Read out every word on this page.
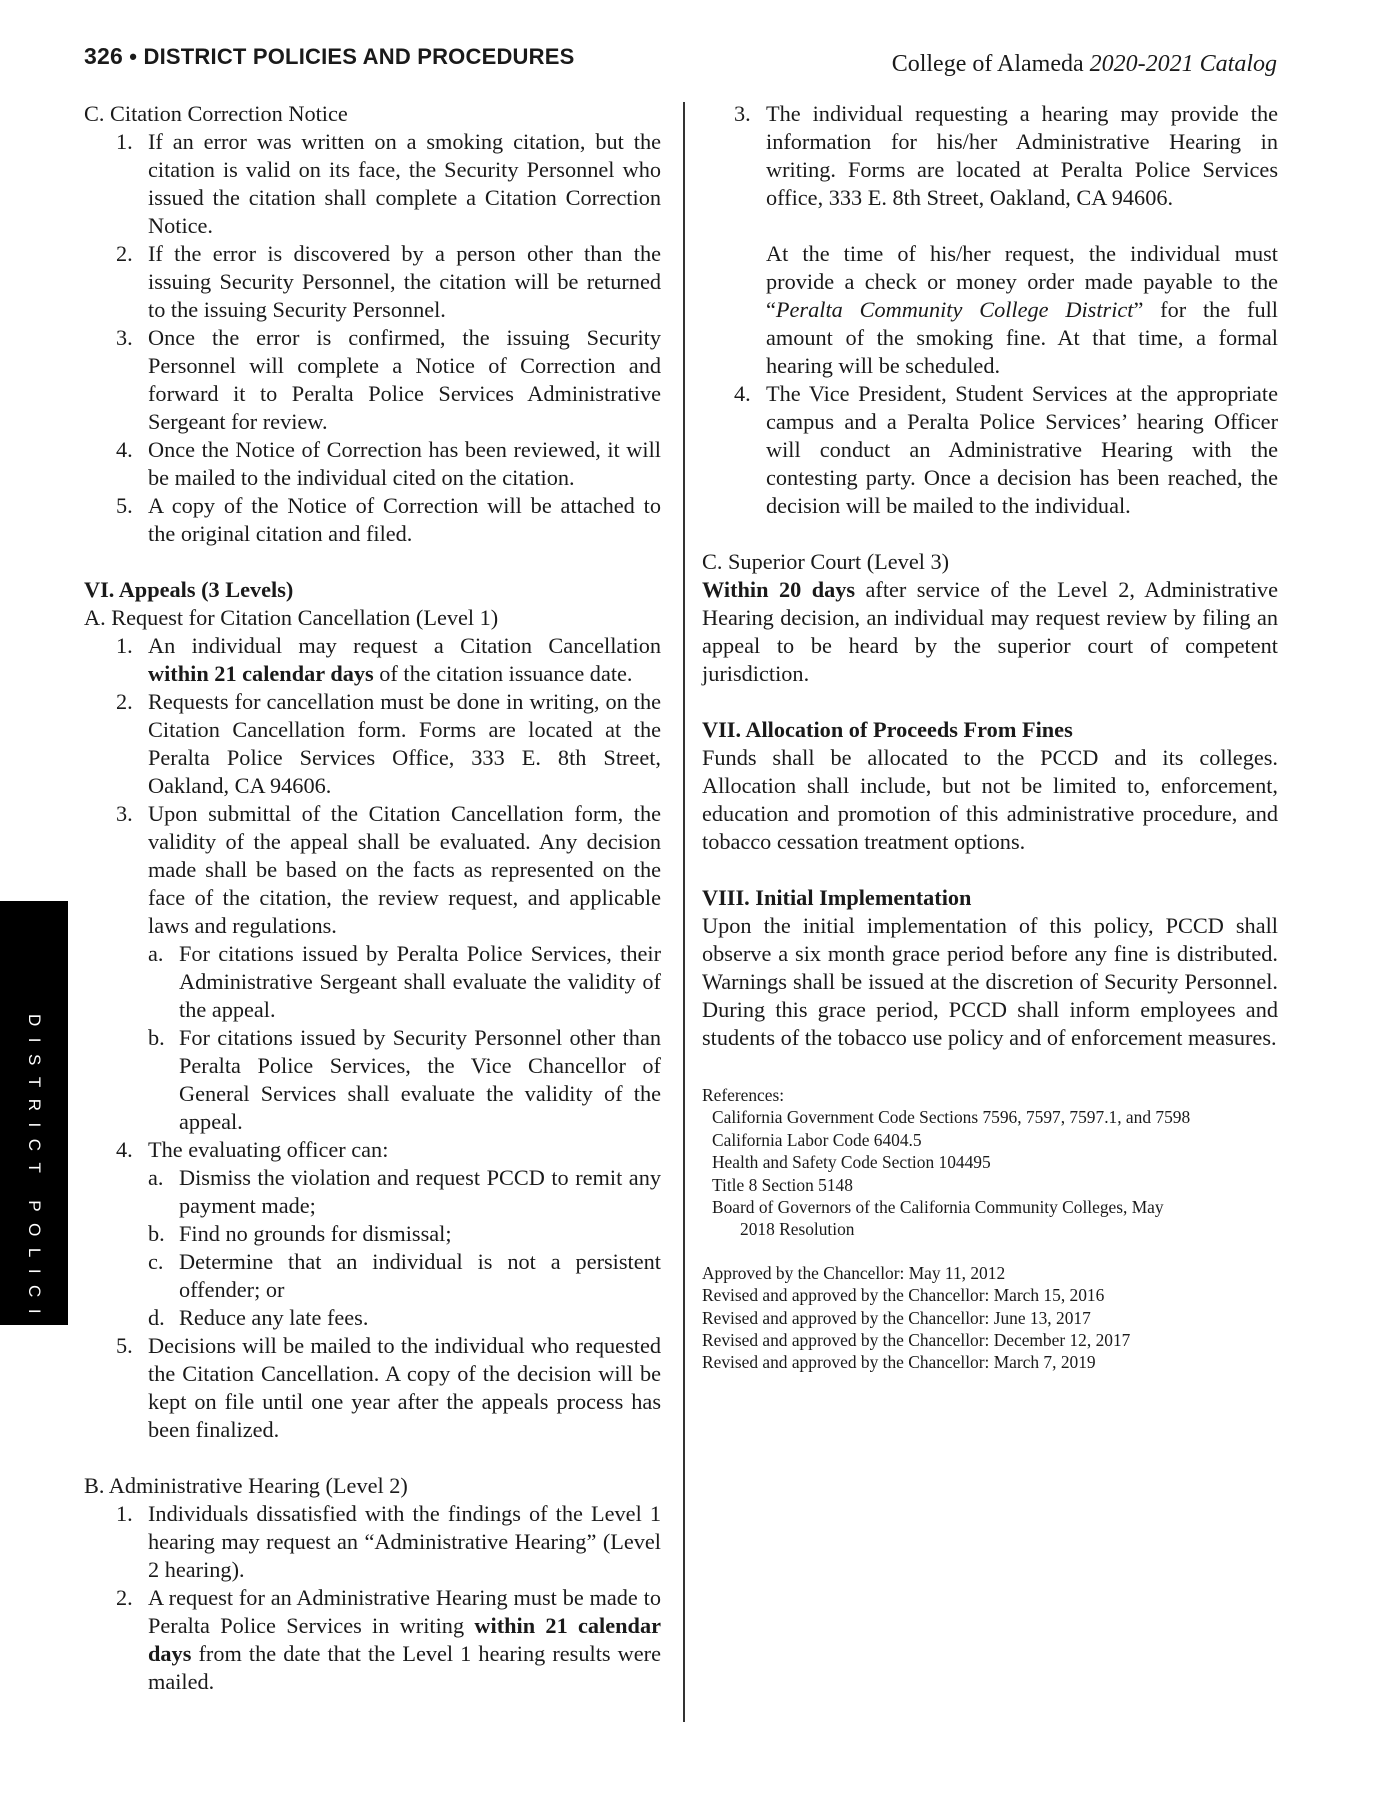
326 • DISTRICT POLICIES AND PROCEDURES	College of Alameda 2020-2021 Catalog
DISTRICT POLICIES

C. Citation Correction Notice

1. If an error was written on a smoking citation, but the citation is valid on its face, the Security Personnel who issued the citation shall complete a Citation Correction Notice.
2. If the error is discovered by a person other than the issuing Security Personnel, the citation will be returned to the issuing Security Personnel.
3. Once the error is confirmed, the issuing Security Personnel will complete a Notice of Correction and forward it to Peralta Police Services Administrative Sergeant for review.
4. Once the Notice of Correction has been reviewed, it will be mailed to the individual cited on the citation.
5. A copy of the Notice of Correction will be attached to the original citation and filed.

VI. Appeals (3 Levels)

A. Request for Citation Cancellation (Level 1)

1. An individual may request a Citation Cancellation within 21 calendar days of the citation issuance date.
2. Requests for cancellation must be done in writing, on the Citation Cancellation form. Forms are located at the Peralta Police Services Office, 333 E. 8th Street, Oakland, CA 94606.
3. Upon submittal of the Citation Cancellation form, the validity of the appeal shall be evaluated. Any decision made shall be based on the facts as represented on the face of the citation, the review request, and applicable laws and regulations.
a. For citations issued by Peralta Police Services, their Administrative Sergeant shall evaluate the validity of the appeal.
b. For citations issued by Security Personnel other than Peralta Police Services, the Vice Chancellor of General Services shall evaluate the validity of the appeal.
4. The evaluating officer can:
a. Dismiss the violation and request PCCD to remit any payment made;
b. Find no grounds for dismissal;
c. Determine that an individual is not a persistent offender; or
d. Reduce any late fees.
5. Decisions will be mailed to the individual who requested the Citation Cancellation. A copy of the decision will be kept on file until one year after the appeals process has been finalized.

B. Administrative Hearing (Level 2)

1. Individuals dissatisfied with the findings of the Level 1 hearing may request an “Administrative Hearing” (Level 2 hearing).
2. A request for an Administrative Hearing must be made to Peralta Police Services in writing within 21 calendar days from the date that the Level 1 hearing results were mailed.
3. The individual requesting a hearing may provide the information for his/her Administrative Hearing in writing. Forms are located at Peralta Police Services office, 333 E. 8th Street, Oakland, CA 94606.

At the time of his/her request, the individual must provide a check or money order made payable to the “Peralta Community College District” for the full amount of the smoking fine. At that time, a formal hearing will be scheduled.

4. The Vice President, Student Services at the appropriate campus and a Peralta Police Services’ hearing Officer will conduct an Administrative Hearing with the contesting party. Once a decision has been reached, the decision will be mailed to the individual.

C. Superior Court (Level 3)

Within 20 days after service of the Level 2, Administrative Hearing decision, an individual may request review by filing an appeal to be heard by the superior court of competent jurisdiction.

VII. Allocation of Proceeds From Fines

Funds shall be allocated to the PCCD and its colleges. Allocation shall include, but not be limited to, enforcement, education and promotion of this administrative procedure, and tobacco cessation treatment options.

VIII. Initial Implementation

Upon the initial implementation of this policy, PCCD shall observe a six month grace period before any fine is distributed. Warnings shall be issued at the discretion of Security Personnel. During this grace period, PCCD shall inform employees and students of the tobacco use policy and of enforcement measures.

References:

California Government Code Sections 7596, 7597, 7597.1, and 7598

California Labor Code 6404.5

Health and Safety Code Section 104495

Title 8 Section 5148

Board of Governors of the California Community Colleges, May

2018 Resolution

Approved by the Chancellor: May 11, 2012

Revised and approved by the Chancellor: March 15, 2016

Revised and approved by the Chancellor: June 13, 2017

Revised and approved by the Chancellor: December 12, 2017

Revised and approved by the Chancellor: March 7, 2019
